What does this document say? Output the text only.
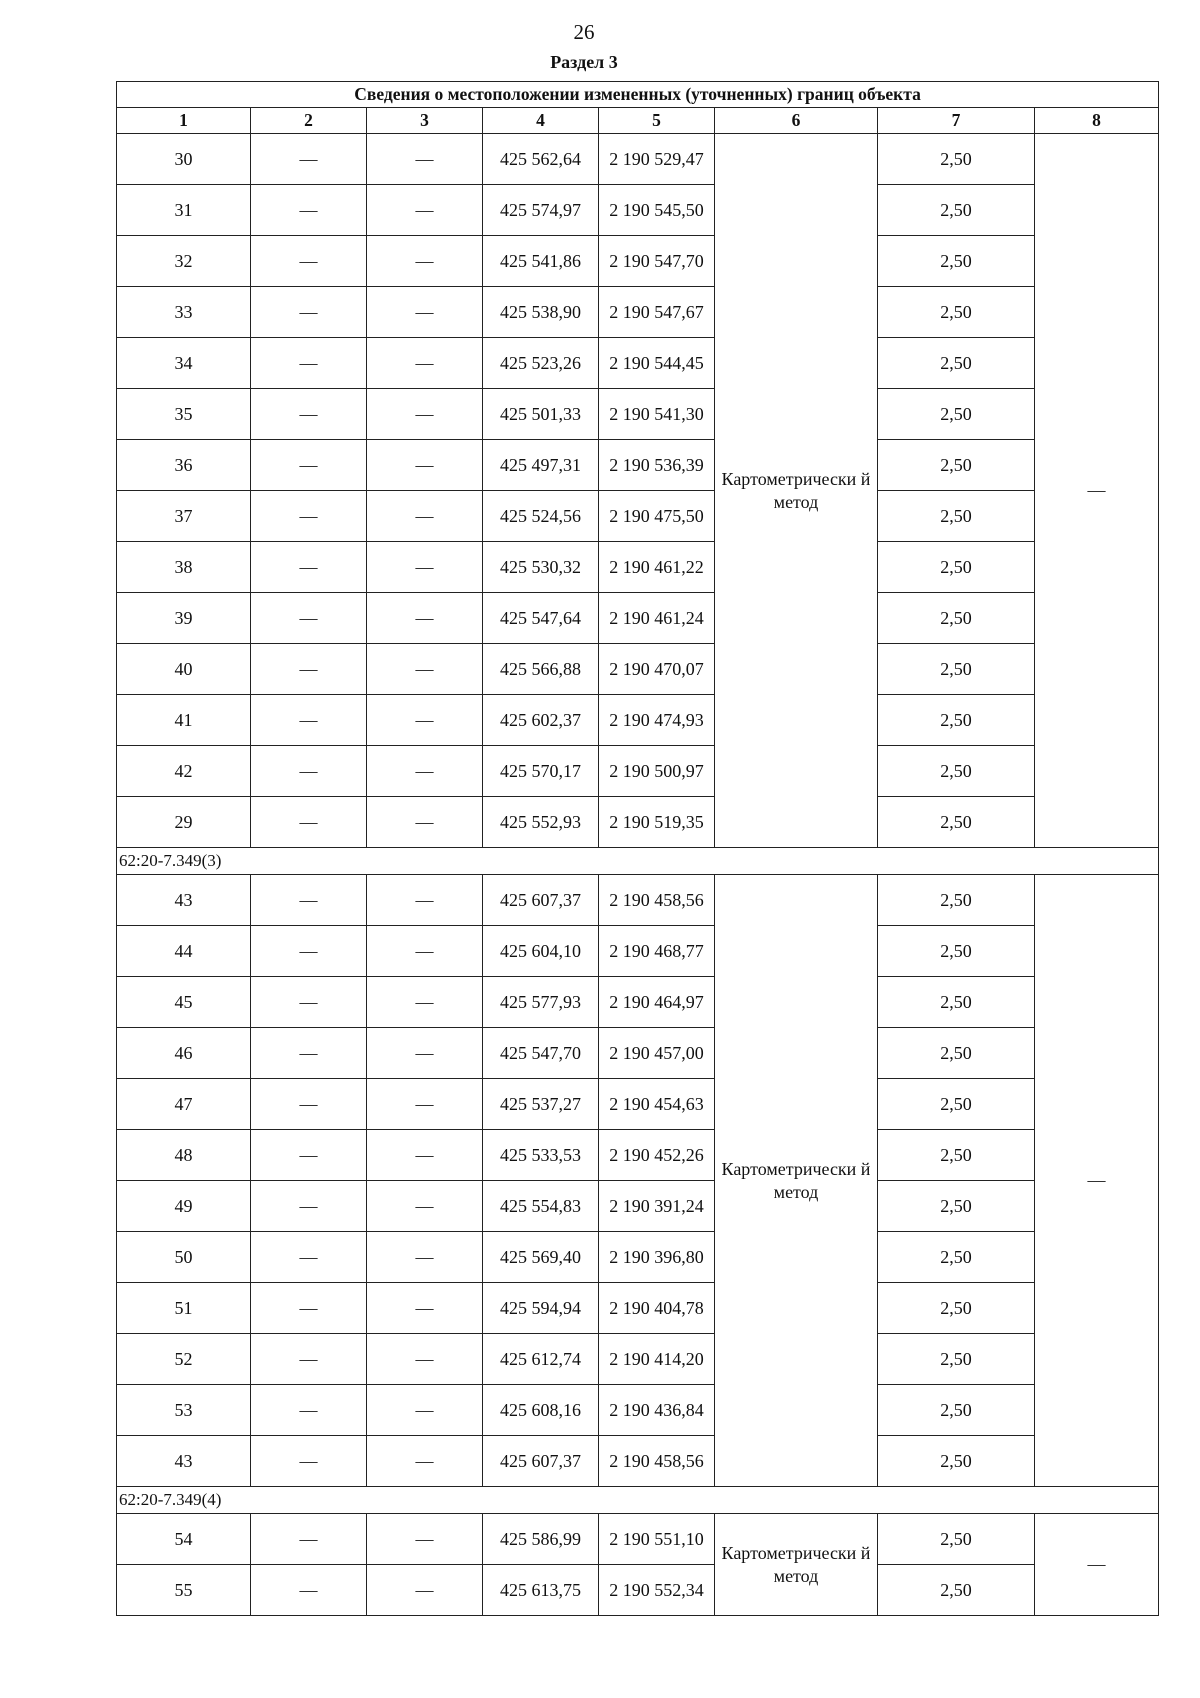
26
Раздел 3
Сведения о местоположении измененных (уточненных) границ объекта							
1	2	3	4	5	6	7	8
30	—	—	425 562,64	2 190 529,47	Картометрически й метод	2,50	—
31	—	—	425 574,97	2 190 545,50		2,50	
32	—	—	425 541,86	2 190 547,70		2,50	
33	—	—	425 538,90	2 190 547,67		2,50	
34	—	—	425 523,26	2 190 544,45		2,50	
35	—	—	425 501,33	2 190 541,30		2,50	
36	—	—	425 497,31	2 190 536,39		2,50	
37	—	—	425 524,56	2 190 475,50		2,50	
38	—	—	425 530,32	2 190 461,22		2,50	
39	—	—	425 547,64	2 190 461,24		2,50	
40	—	—	425 566,88	2 190 470,07		2,50	
41	—	—	425 602,37	2 190 474,93		2,50	
42	—	—	425 570,17	2 190 500,97		2,50	
29	—	—	425 552,93	2 190 519,35		2,50	
62:20-7.349(3)							
43	—	—	425 607,37	2 190 458,56	Картометрически й метод	2,50	—
44	—	—	425 604,10	2 190 468,77		2,50	
45	—	—	425 577,93	2 190 464,97		2,50	
46	—	—	425 547,70	2 190 457,00		2,50	
47	—	—	425 537,27	2 190 454,63		2,50	
48	—	—	425 533,53	2 190 452,26		2,50	
49	—	—	425 554,83	2 190 391,24		2,50	
50	—	—	425 569,40	2 190 396,80		2,50	
51	—	—	425 594,94	2 190 404,78		2,50	
52	—	—	425 612,74	2 190 414,20		2,50	
53	—	—	425 608,16	2 190 436,84		2,50	
43	—	—	425 607,37	2 190 458,56		2,50	
62:20-7.349(4)							
54	—	—	425 586,99	2 190 551,10	Картометрически й метод	2,50	—
55	—	—	425 613,75	2 190 552,34		2,50	
